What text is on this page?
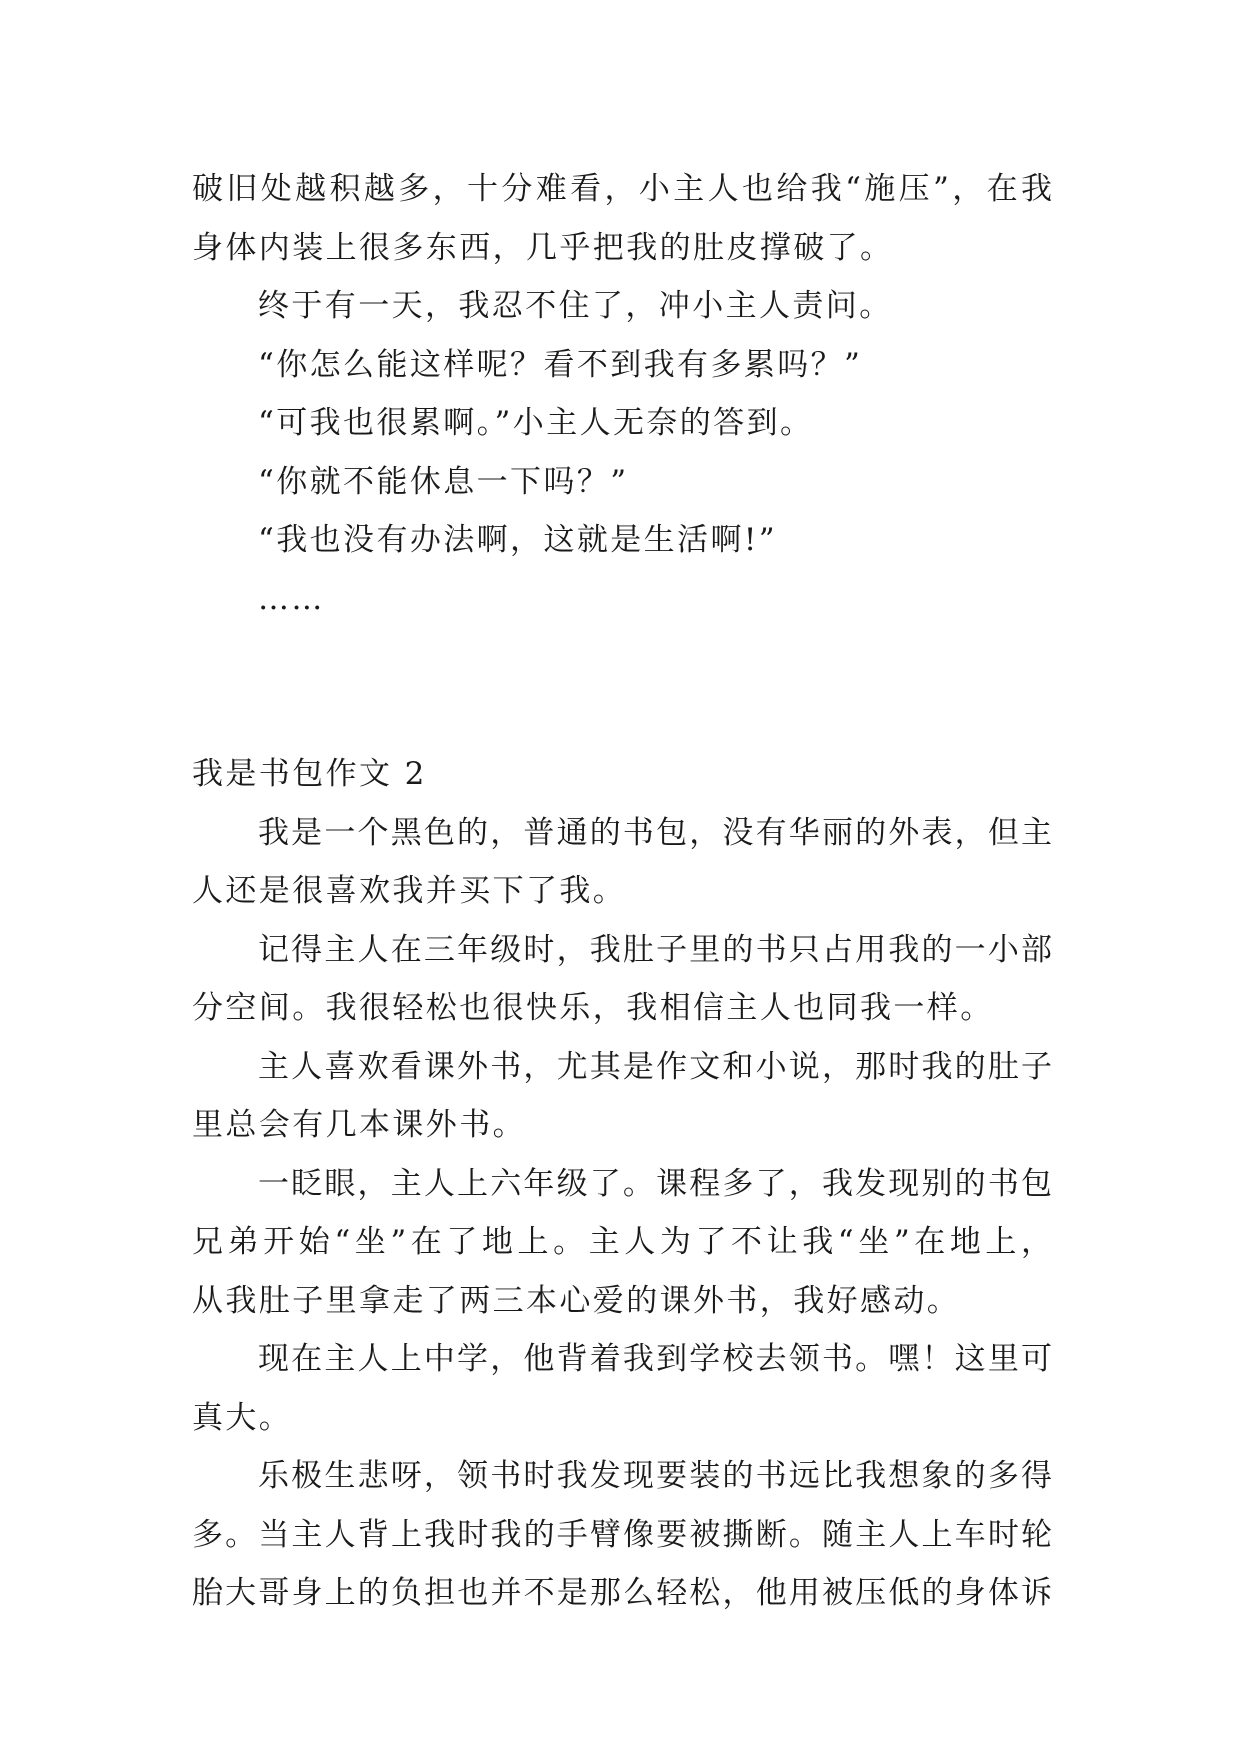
破旧处越积越多，十分难看，小主人也给我“施压”，在我
身体内装上很多东西，几乎把我的肚皮撑破了。
终于有一天，我忍不住了，冲小主人责问。
“你怎么能这样呢？看不到我有多累吗？”
“可我也很累啊。”小主人无奈的答到。
“你就不能休息一下吗？”
“我也没有办法啊，这就是生活啊!”
……
我是书包作文 2
我是一个黑色的，普通的书包，没有华丽的外表，但主
人还是很喜欢我并买下了我。
记得主人在三年级时，我肚子里的书只占用我的一小部
分空间。我很轻松也很快乐，我相信主人也同我一样。
主人喜欢看课外书，尤其是作文和小说，那时我的肚子
里总会有几本课外书。
一眨眼，主人上六年级了。课程多了，我发现别的书包
兄弟开始“坐”在了地上。主人为了不让我“坐”在地上，
从我肚子里拿走了两三本心爱的课外书，我好感动。
现在主人上中学，他背着我到学校去领书。嘿！这里可
真大。
乐极生悲呀，领书时我发现要装的书远比我想象的多得
多。当主人背上我时我的手臂像要被撕断。随主人上车时轮
胎大哥身上的负担也并不是那么轻松，他用被压低的身体诉
